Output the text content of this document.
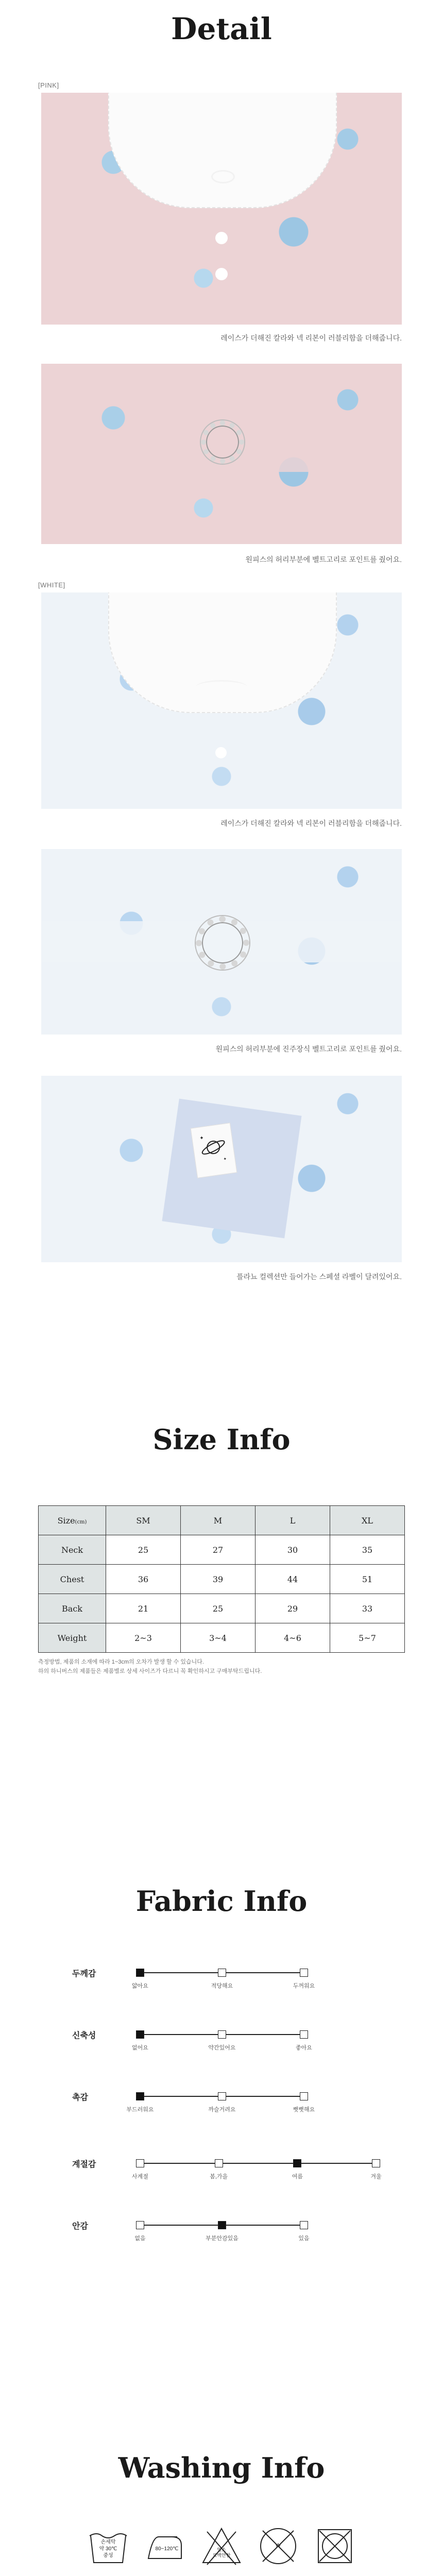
Detail
[PINK]
레이스가 더해진 칼라와 넥 리본이 러블리함을 더해줍니다.
원피스의 허리부분에 벨트고리로 포인트를 줬어요.
[WHITE]
레이스가 더해진 칼라와 넥 리본이 러블리함을 더해줍니다.
원피스의 허리부분에 진주장식 벨트고리로 포인트를 줬어요.
✦
✦
플라뇨 컬렉션만 들어가는 스페셜 라벨이 달려있어요.
Size Info
Size(cm)	SM	M	L	XL
Neck	25	27	30	35
Chest	36	39	44	51
Back	21	25	29	33
Weight	2~3	3~4	4~6	5~7
측정방법, 제품의 소재에 따라 1~3cm의 오차가 발생 할 수 있습니다.
하의 하니버스의 제품들은 제품별로 상세 사이즈가 다르니 꼭 확인하시고 구매부탁드립니다.
Fabric Info
두께감
얇아요	적당해요	두꺼워요
신축성
없어요	약간있어요	좋아요
촉감
부드러워요	까슬거려요	뻣뻣해요
계절감
사계절	봄,가을	여름	겨울
안감
없음	부분안감있음	있음
Washing Info
손세탁
약 30℃
중성
80~120℃	염소
표백안함
W
